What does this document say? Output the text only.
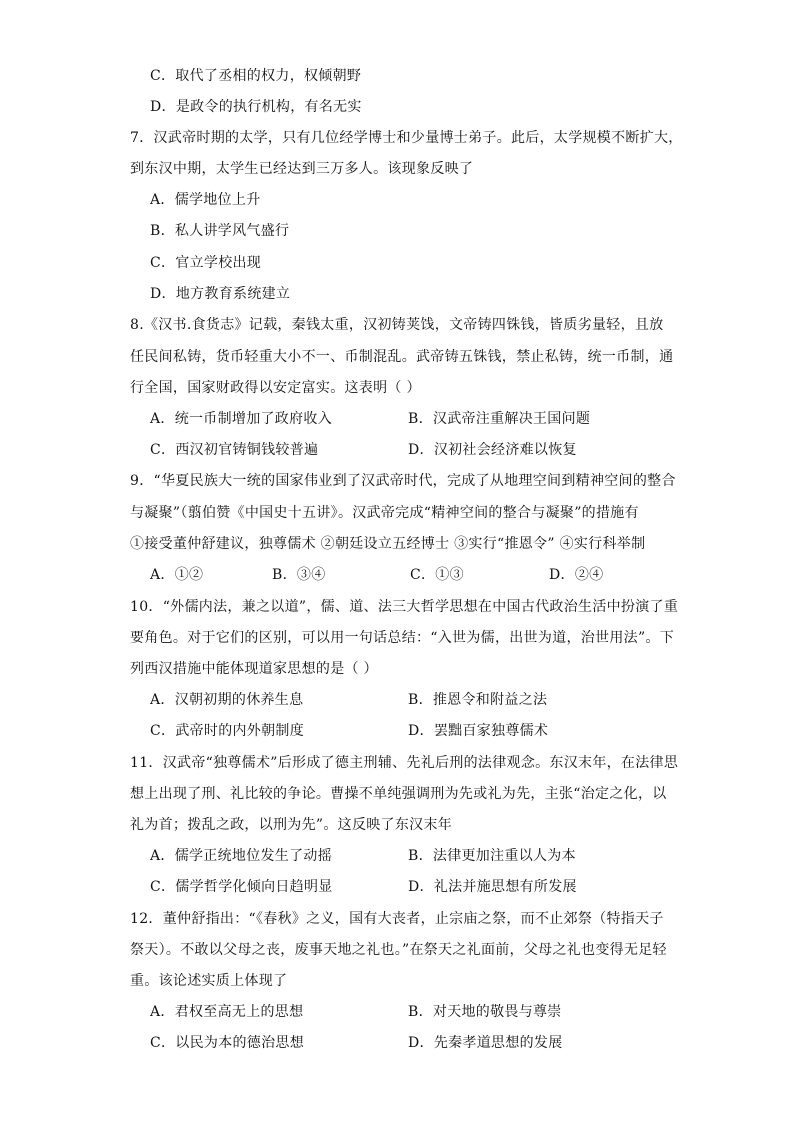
C．取代了丞相的权力，权倾朝野
D．是政令的执行机构，有名无实
7．汉武帝时期的太学，只有几位经学博士和少量博士弟子。此后，太学规模不断扩大，
到东汉中期，太学生已经达到三万多人。该现象反映了
A．儒学地位上升
B．私人讲学风气盛行
C．官立学校出现
D．地方教育系统建立
8.《汉书.食货志》记载，秦钱太重，汉初铸荚饯，文帝铸四铢钱，皆质劣量轻，且放
任民间私铸，货币轻重大小不一、币制混乱。武帝铸五铢钱，禁止私铸，统一币制，通
行全国，国家财政得以安定富实。这表明（ ）
A．统一币制增加了政府收入	B．汉武帝注重解决王国问题
C．西汉初官铸铜钱较普遍	D．汉初社会经济难以恢复
9．“华夏民族大一统的国家伟业到了汉武帝时代，完成了从地理空间到精神空间的整合
与凝聚”（翦伯赞《中国史十五讲》。汉武帝完成“精神空间的整合与凝聚”的措施有
①接受董仲舒建议，独尊儒术 ②朝廷设立五经博士 ③实行“推恩令” ④实行科举制
A．①②	B．③④	C．①③	D．②④
10．“外儒内法，兼之以道”，儒、道、法三大哲学思想在中国古代政治生活中扮演了重
要角色。对于它们的区别，可以用一句话总结：“入世为儒，出世为道，治世用法”。下
列西汉措施中能体现道家思想的是（ ）
A．汉朝初期的休养生息	B．推恩令和附益之法
C．武帝时的内外朝制度	D．罢黜百家独尊儒术
11．汉武帝“独尊儒术”后形成了德主刑辅、先礼后刑的法律观念。东汉末年，在法律思
想上出现了刑、礼比较的争论。曹操不单纯强调刑为先或礼为先，主张“治定之化，以
礼为首；拨乱之政，以刑为先”。这反映了东汉末年
A．儒学正统地位发生了动摇	B．法律更加注重以人为本
C．儒学哲学化倾向日趋明显	D．礼法并施思想有所发展
12．董仲舒指出：“《春秋》之义，国有大丧者，止宗庙之祭，而不止郊祭（特指天子
祭天）。不敢以父母之丧，废事天地之礼也。”在祭天之礼面前，父母之礼也变得无足轻
重。该论述实质上体现了
A．君权至高无上的思想	B．对天地的敬畏与尊崇
C．以民为本的德治思想	D．先秦孝道思想的发展
